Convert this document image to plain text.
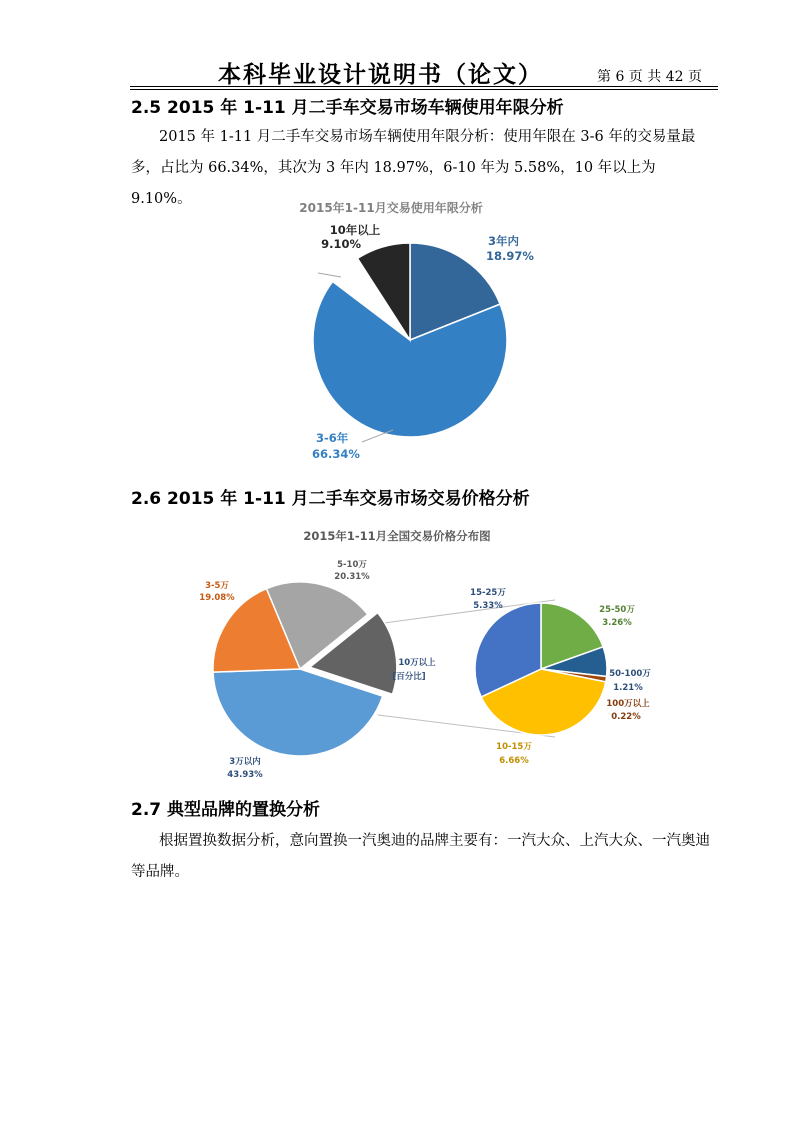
本科毕业设计说明书（论文）	第 6 页 共 42 页
2.5 2015 年 1-11 月二手车交易市场车辆使用年限分析

2015 年 1-11 月二手车交易市场车辆使用年限分析：使用年限在 3-6 年的交易量最多，占比为 66.34%，其次为 3 年内 18.97%，6-10 年为 5.58%，10 年以上为 9.10%。

2015年1-11月交易使用年限分析
10年以上
9.10%	3年内
18.97%
3-6年
66.34%
2.6 2015 年 1-11 月二手车交易市场交易价格分析
2015年1-11月全国交易价格分布图
5-10万
20.31%
3-5万
19.08%
10万以上
[百分比]
3万以内
43.93%
15-25万
5.33%	25-50万
3.26%
50-100万
1.21%
100万以上
0.22%
10-15万
6.66%
2.7 典型品牌的置换分析

根据置换数据分析，意向置换一汽奥迪的品牌主要有：一汽大众、上汽大众、一汽奥迪等品牌。
